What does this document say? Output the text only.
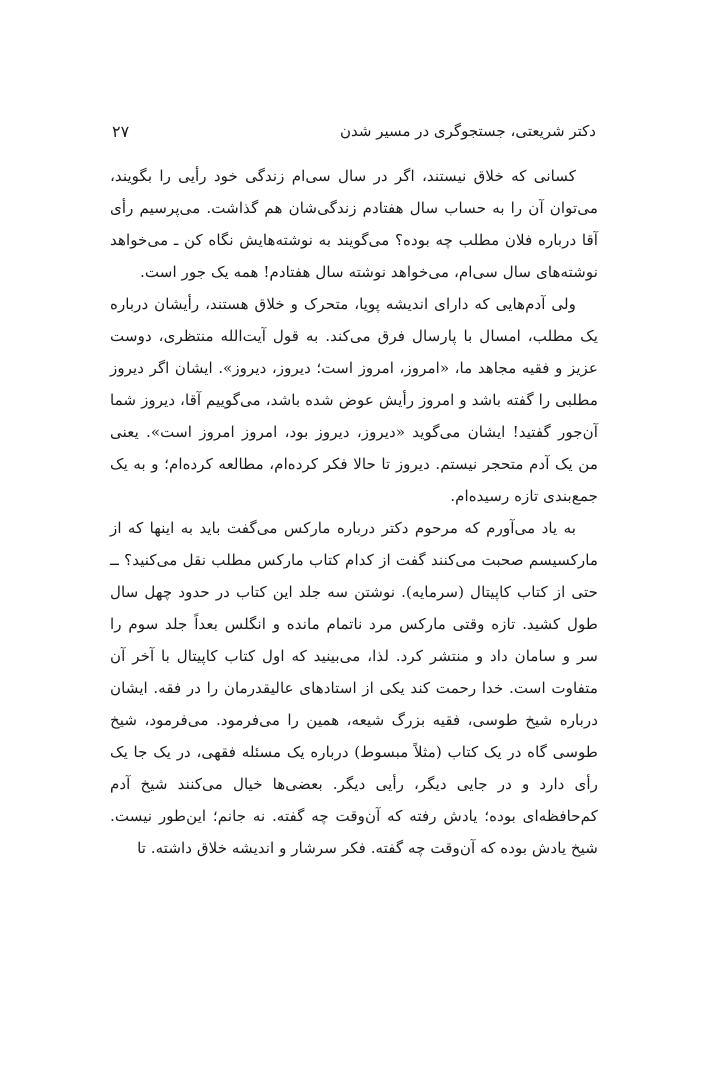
دکتر شریعتی، جستجوگری در مسیر شدن
۲۷

کسانی که خلاق نیستند، اگر در سال سی‌ام زندگی خود رأیی را بگویند، می‌توان آن را به حساب سال هفتادم زندگی‌شان هم گذاشت. می‌پرسیم رأی آقا درباره فلان مطلب چه بوده؟ می‌گویند به نوشته‌هایش نگاه کن ـ می‌خواهد نوشته‌های سال سی‌ام، می‌خواهد نوشته سال هفتادم! همه یک جور است.

ولی آدم‌هایی که دارای اندیشه پویا، متحرک و خلاق هستند، رأیشان درباره یک مطلب، امسال با پارسال فرق می‌کند. به قول آیت‌الله منتظری، دوست عزیز و فقیه مجاهد ما، «امروز، امروز است؛ دیروز، دیروز». ایشان اگر دیروز مطلبی را گفته باشد و امروز رأیش عوض شده باشد، می‌گوییم آقا، دیروز شما آن‌جور گفتید! ایشان می‌گوید «دیروز، دیروز بود، امروز امروز است». یعنی من یک آدم متحجر نیستم. دیروز تا حالا فکر کرده‌ام، مطالعه کرده‌ام؛ و به یک جمع‌بندی تازه رسیده‌ام.

به یاد می‌آورم که مرحوم دکتر درباره مارکس می‌گفت باید به اینها که از مارکسیسم صحبت می‌کنند گفت از کدام کتاب مارکس مطلب نقل می‌کنید؟ ــ حتی از کتاب کاپیتال (سرمایه). نوشتن سه جلد این کتاب در حدود چهل سال طول کشید. تازه وقتی مارکس مرد ناتمام مانده و انگلس بعداً جلد سوم را سر و سامان داد و منتشر کرد. لذا، می‌بینید که اول کتاب کاپیتال با آخر آن متفاوت است. خدا رحمت کند یکی از استادهای عالیقدرمان را در فقه. ایشان درباره شیخ طوسی، فقیه بزرگ شیعه، همین را می‌فرمود. می‌فرمود، شیخ طوسی گاه در یک کتاب (مثلاً مبسوط) درباره یک مسئله فقهی، در یک جا یک رأی دارد و در جایی دیگر، رأیی دیگر. بعضی‌ها خیال می‌کنند شیخ آدم کم‌حافظه‌ای بوده؛ یادش رفته که آن‌وقت چه گفته. نه جانم؛ این‌طور نیست. شیخ یادش بوده که آن‌وقت چه گفته. فکر سرشار و اندیشه خلاق داشته. تا
